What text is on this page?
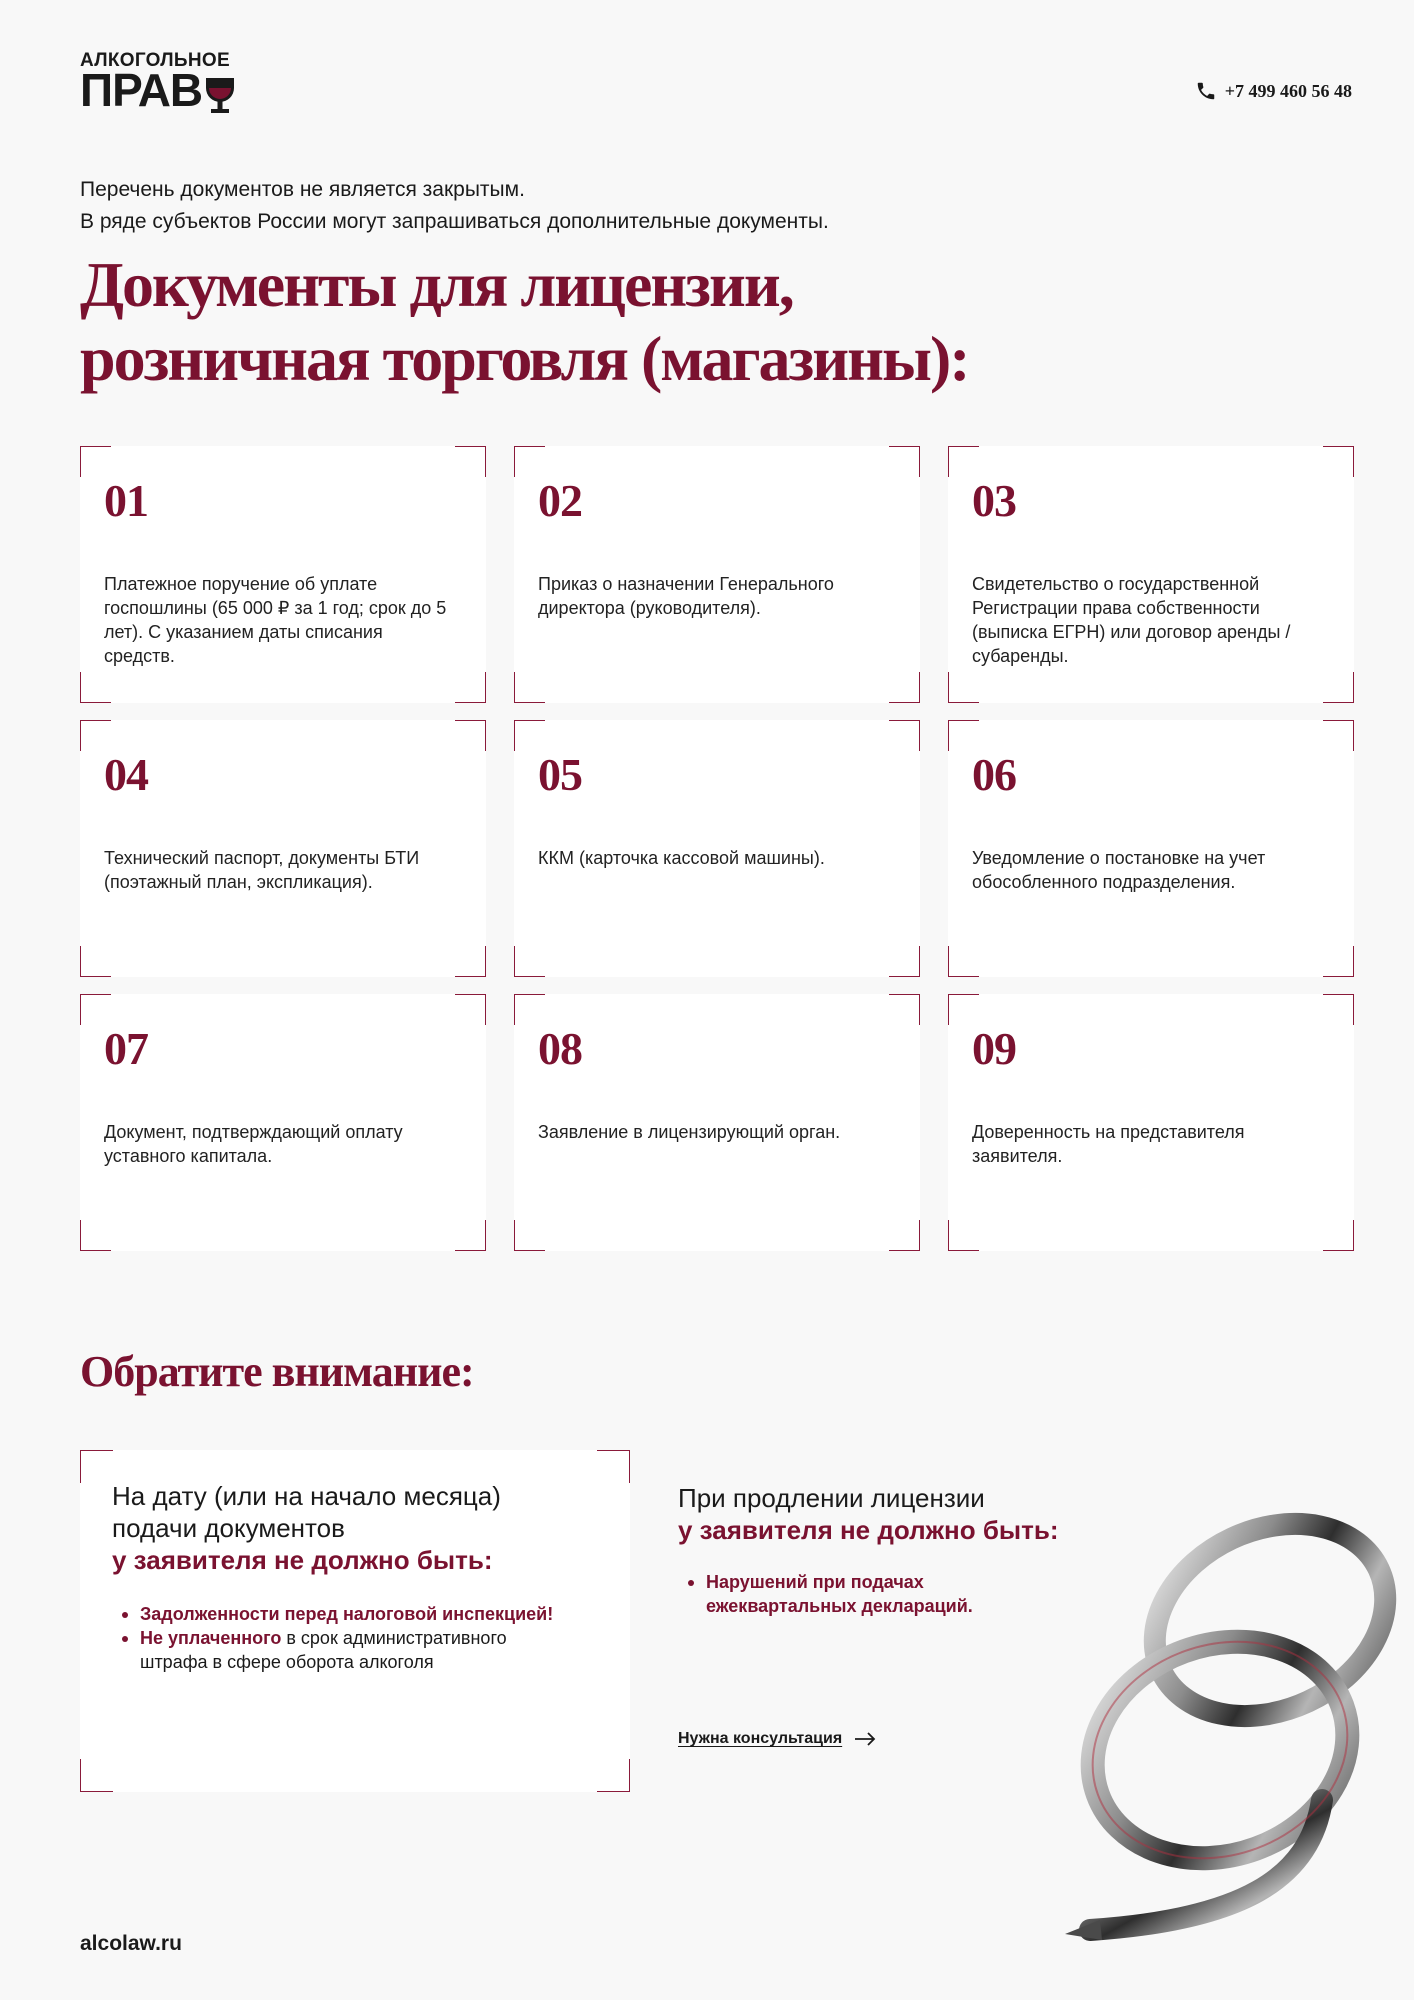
АЛКОГОЛЬНОЕ
ПРАВ	+7 499 460 56 48
Перечень документов не является закрытым.
В ряде субъектов России могут запрашиваться дополнительные документы.
Документы для лицензии,
розничная торговля (магазины):
01
Платежное поручение об уплате госпошлины (65 000 ₽ за 1 год; срок до 5 лет). С указанием даты списания средств.
02
Приказ о назначении Генерального директора (руководителя).
03
Свидетельство о государственной Регистрации права собственности (выписка ЕГРН) или договор аренды / субаренды.
04
Технический паспорт, документы БТИ (поэтажный план, экспликация).
05
ККМ (карточка кассовой машины).
06
Уведомление о постановке на учет обособленного подразделения.
07
Документ, подтверждающий оплату уставного капитала.
08
Заявление в лицензирующий орган.
09
Доверенность на представителя заявителя.
Обратите внимание:
На дату (или на начало месяца)
подачи документов
у заявителя не должно быть:
Задолженности перед налоговой инспекцией!
Не уплаченного в срок административного штрафа в сфере оборота алкоголя
При продлении лицензии
у заявителя не должно быть:
Нарушений при подачах ежеквартальных деклараций.
Нужна консультация
alcolaw.ru
